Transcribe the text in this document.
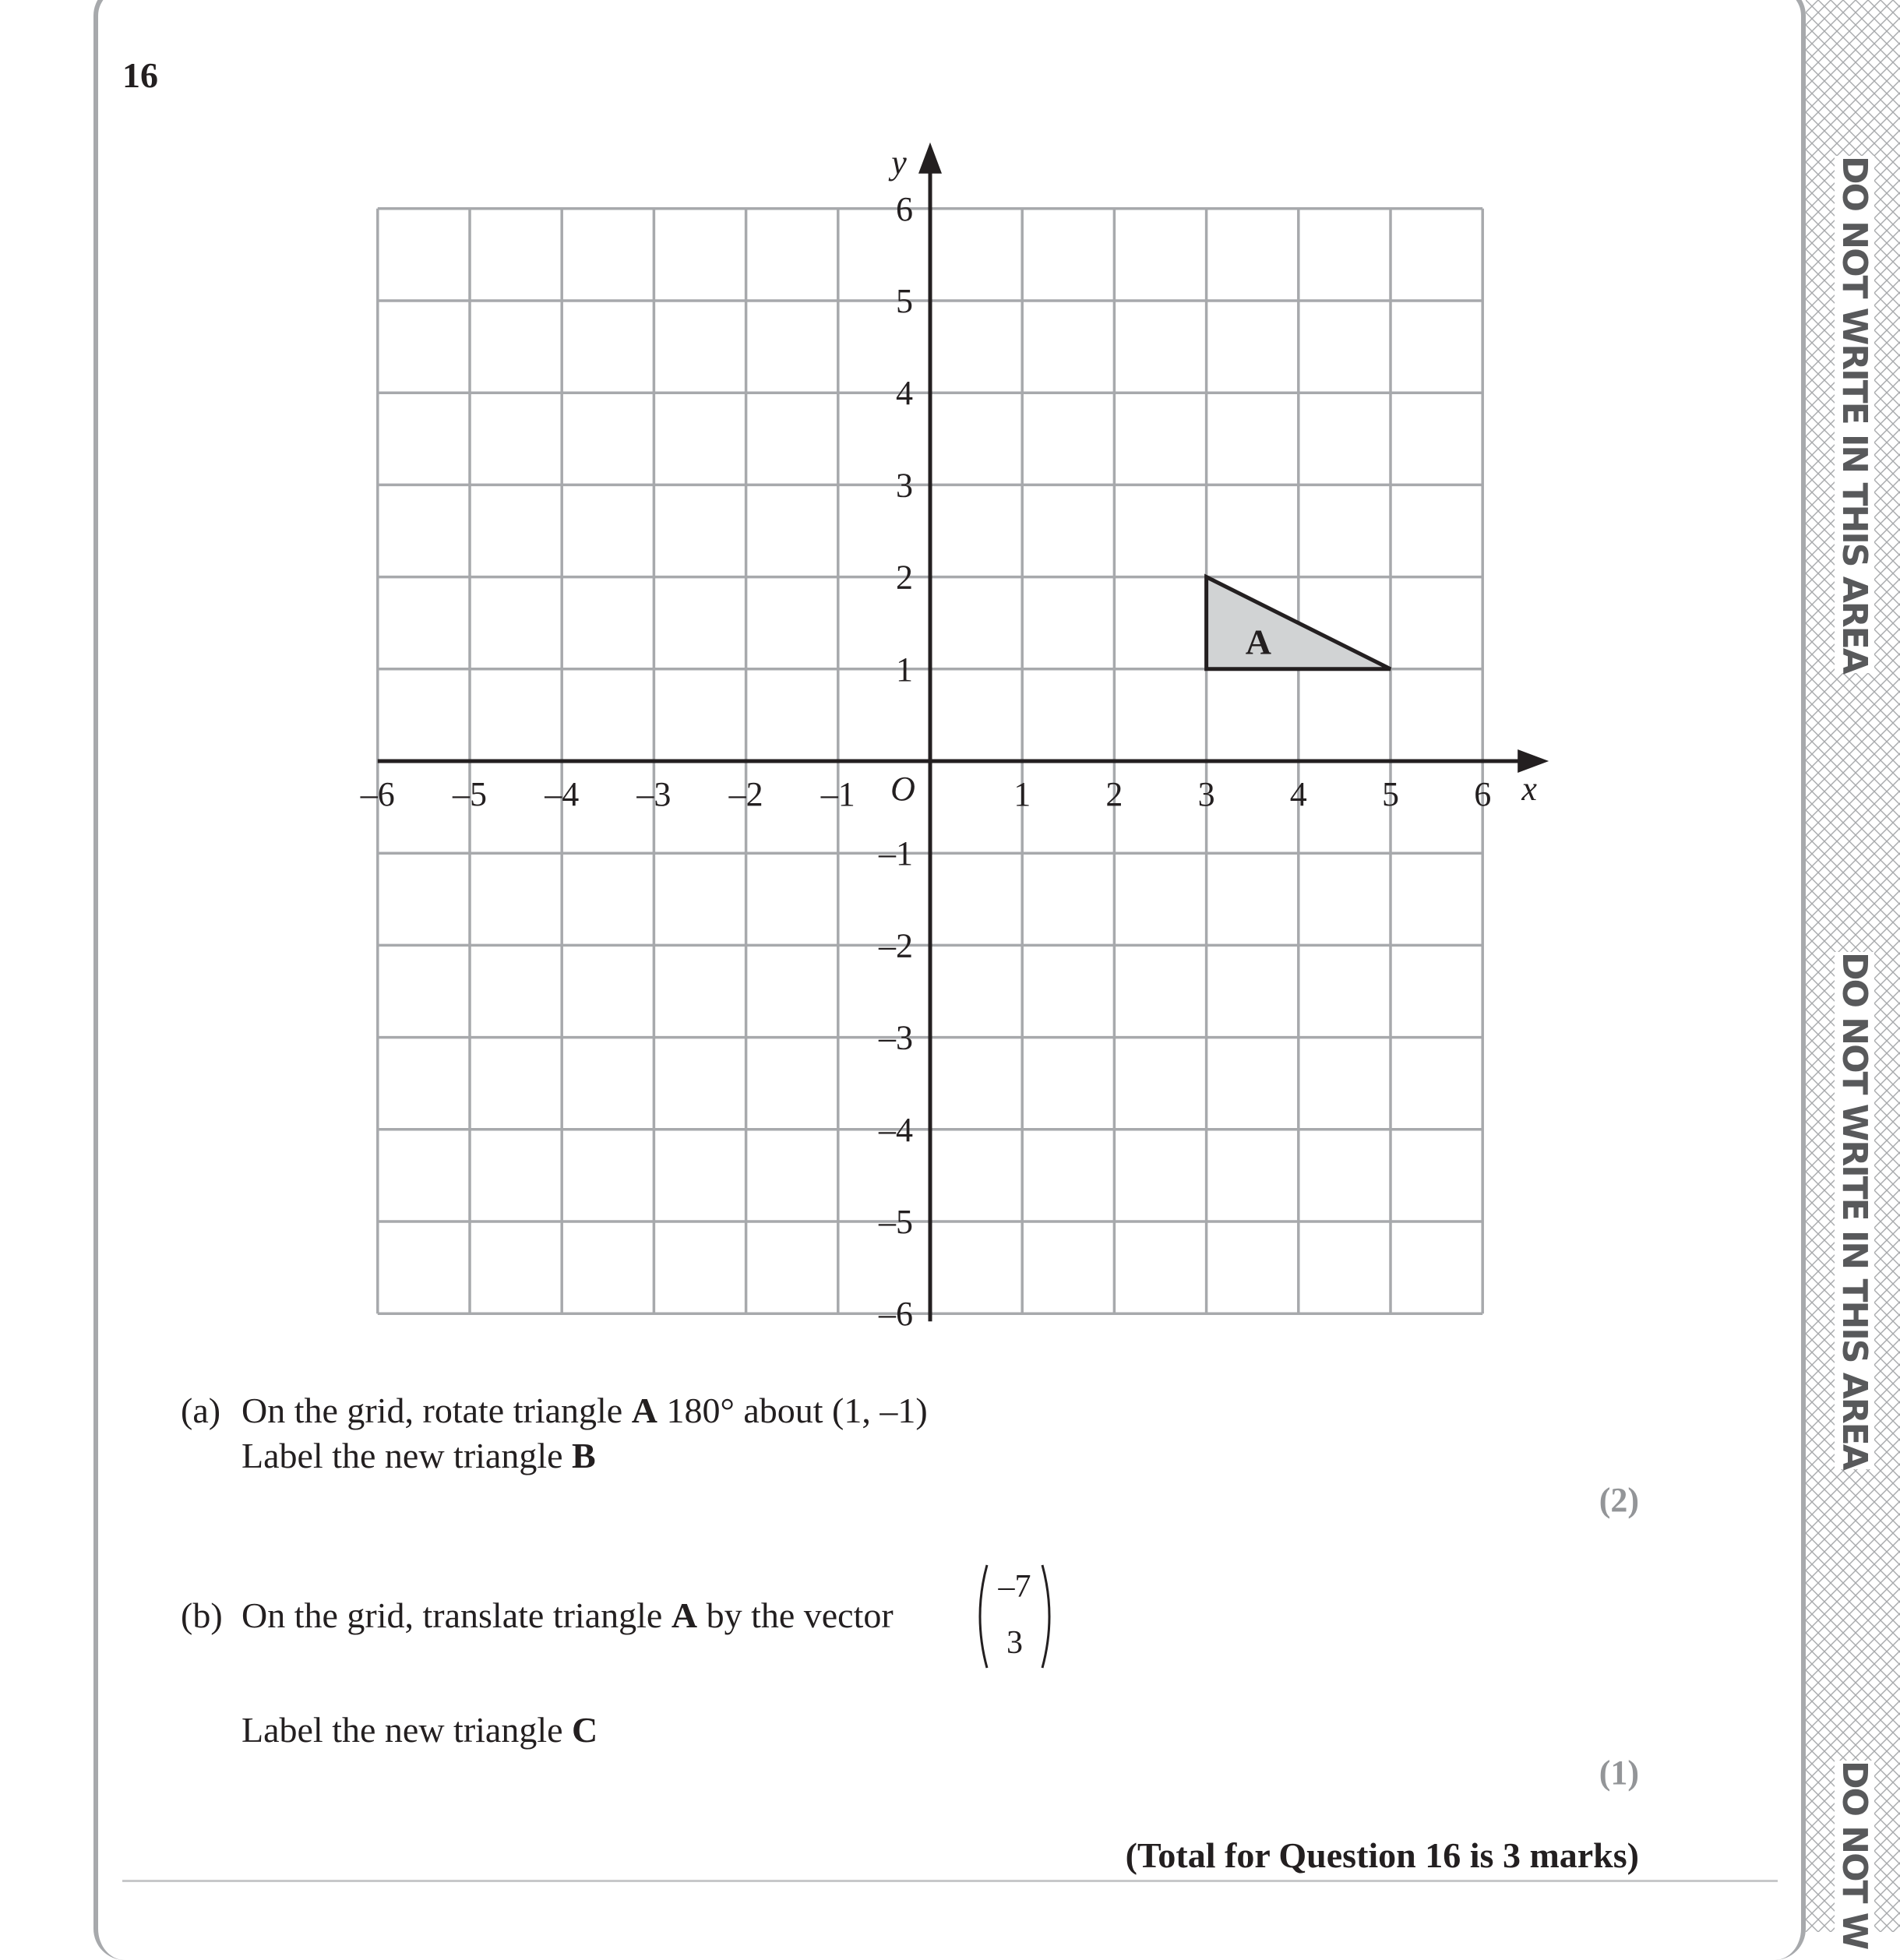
16
A
–6 –5 –4 –3 –2 –1	1 2 3 4 5 6
6
5
4
3
2
1
–1
–2
–3
–4
–5
–6
O	x
y
(a) On the grid, rotate triangle A 180° about (1, –1)
Label the new triangle B
(2)
(b) On the grid, translate triangle A by the vector
–7
3
Label the new triangle C
(1)
(Total for Question 16 is 3 marks)
DO NOT WRITE IN THIS AREA
DO NOT WRITE IN THIS AREA
DO NOT W
